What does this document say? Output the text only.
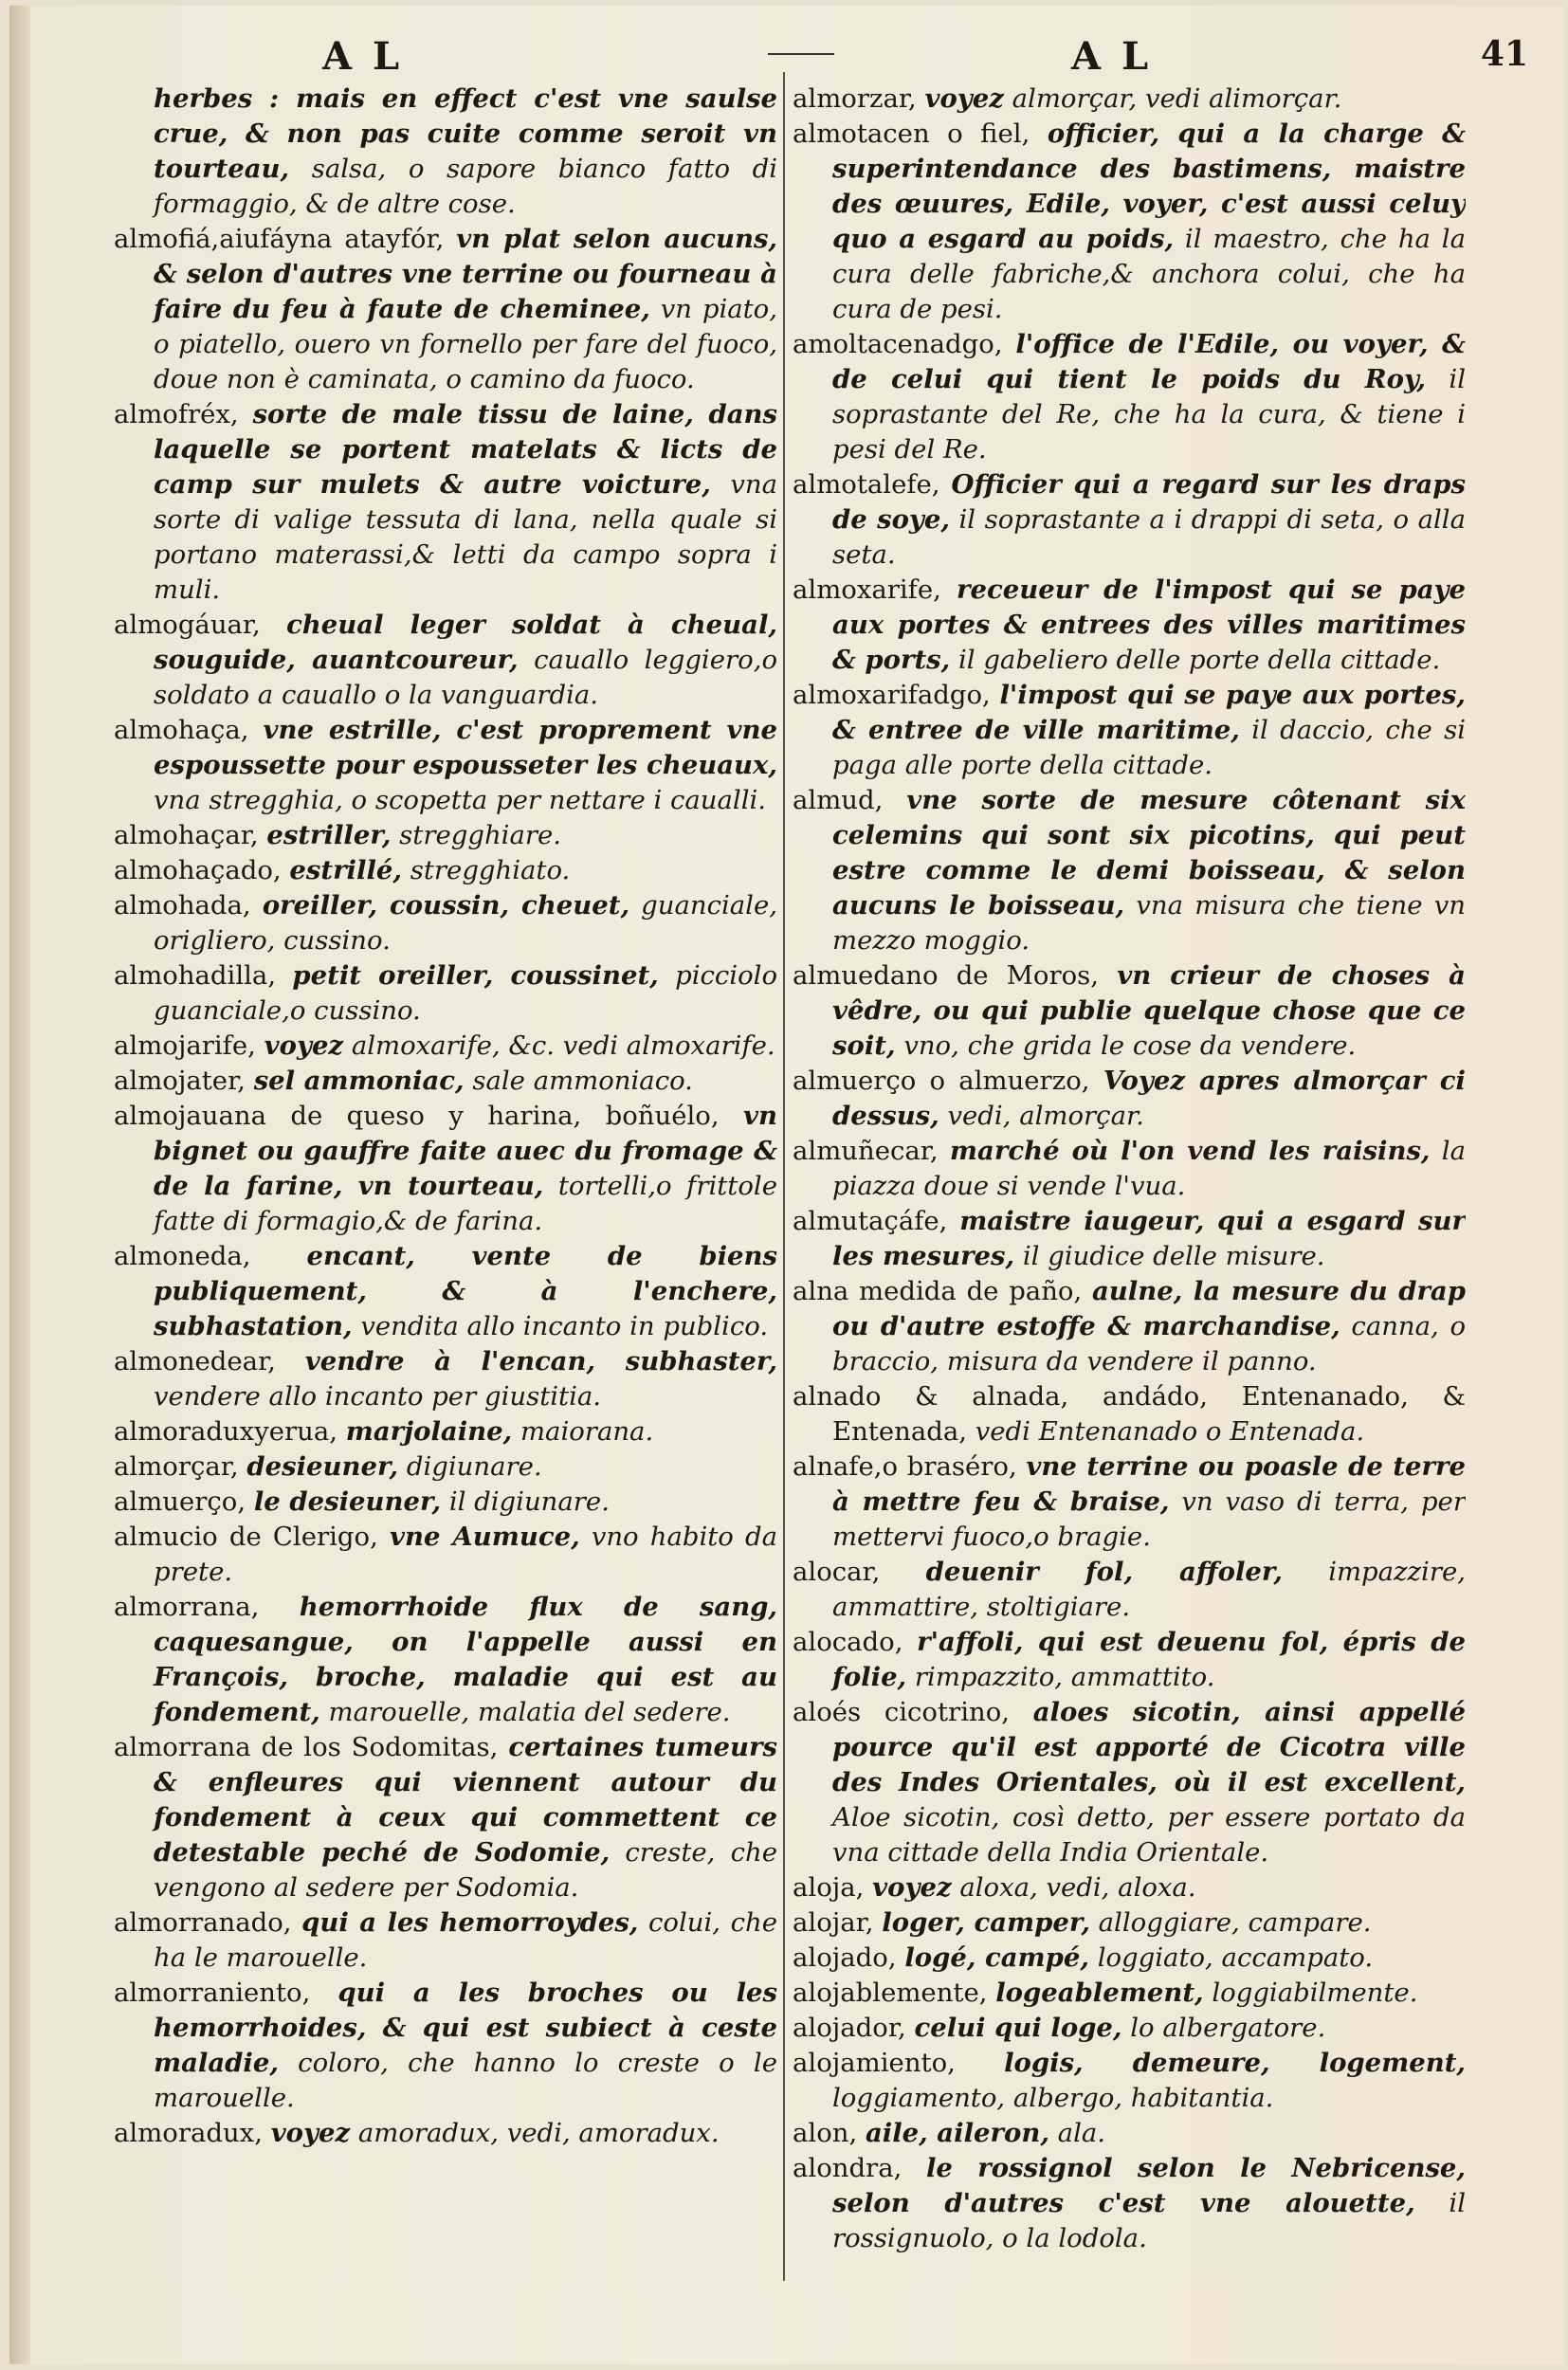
AL	AL	41

herbes : mais en effect c'est vne saulse crue, & non pas cuite comme seroit vn tourteau, salsa, o sapore bianco fatto di formaggio, & de altre cose.

almofiá,aiufáyna atayfór, vn plat selon aucuns, & selon d'autres vne terrine ou fourneau à faire du feu à faute de cheminee, vn piato, o piatello, ouero vn fornello per fare del fuoco, doue non è caminata, o camino da fuoco.

almofréx, sorte de male tissu de laine, dans laquelle se portent matelats & licts de camp sur mulets & autre voicture, vna sorte di valige tessuta di lana, nella quale si portano materassi,& letti da campo sopra i muli.

almogáuar, cheual leger soldat à cheual, souguide, auantcoureur, cauallo leggiero,o soldato a cauallo o la vanguardia.

almohaça, vne estrille, c'est proprement vne espoussette pour espousseter les cheuaux, vna stregghia, o scopetta per nettare i caualli.

almohaçar, estriller, stregghiare.

almohaçado, estrillé, stregghiato.

almohada, oreiller, coussin, cheuet, guanciale, origliero, cussino.

almohadilla, petit oreiller, coussinet, picciolo guanciale,o cussino.

almojarife, voyez almoxarife, &c. vedi almoxarife.

almojater, sel ammoniac, sale ammoniaco.

almojauana de queso y harina, boñuélo, vn bignet ou gauffre faite auec du fromage & de la farine, vn tourteau, tortelli,o frittole fatte di formagio,& de farina.

almoneda, encant, vente de biens publiquement, & à l'enchere, subhastation, vendita allo incanto in publico.

almonedear, vendre à l'encan, subhaster, vendere allo incanto per giustitia.

almoraduxyerua, marjolaine, maiorana.

almorçar, desieuner, digiunare.

almuerço, le desieuner, il digiunare.

almucio de Clerigo, vne Aumuce, vno habito da prete.

almorrana, hemorrhoide flux de sang, caquesangue, on l'appelle aussi en François, broche, maladie qui est au fondement, marouelle, malatia del sedere.

almorrana de los Sodomitas, certaines tumeurs & enfleures qui viennent autour du fondement à ceux qui commettent ce detestable peché de Sodomie, creste, che vengono al sedere per Sodomia.

almorranado, qui a les hemorroydes, colui, che ha le marouelle.

almorraniento, qui a les broches ou les hemorrhoides, & qui est subiect à ceste maladie, coloro, che hanno lo creste o le marouelle.

almoradux, voyez amoradux, vedi, amoradux.

almorzar, voyez almorçar, vedi alimorçar.

almotacen o fiel, officier, qui a la charge & superintendance des bastimens, maistre des œuures, Edile, voyer, c'est aussi celuy quo a esgard au poids, il maestro, che ha la cura delle fabriche,& anchora colui, che ha cura de pesi.

amoltacenadgo, l'office de l'Edile, ou voyer, & de celui qui tient le poids du Roy, il soprastante del Re, che ha la cura, & tiene i pesi del Re.

almotalefe, Officier qui a regard sur les draps de soye, il soprastante a i drappi di seta, o alla seta.

almoxarife, receueur de l'impost qui se paye aux portes & entrees des villes maritimes & ports, il gabeliero delle porte della cittade.

almoxarifadgo, l'impost qui se paye aux portes, & entree de ville maritime, il daccio, che si paga alle porte della cittade.

almud, vne sorte de mesure côtenant six celemins qui sont six picotins, qui peut estre comme le demi boisseau, & selon aucuns le boisseau, vna misura che tiene vn mezzo moggio.

almuedano de Moros, vn crieur de choses à vêdre, ou qui publie quelque chose que ce soit, vno, che grida le cose da vendere.

almuerço o almuerzo, Voyez apres almorçar ci dessus, vedi, almorçar.

almuñecar, marché où l'on vend les raisins, la piazza doue si vende l'vua.

almutaçáfe, maistre iaugeur, qui a esgard sur les mesures, il giudice delle misure.

alna medida de paño, aulne, la mesure du drap ou d'autre estoffe & marchandise, canna, o braccio, misura da vendere il panno.

alnado & alnada, andádo, Entenanado, & Entenada, vedi Entenanado o Entenada.

alnafe,o braséro, vne terrine ou poasle de terre à mettre feu & braise, vn vaso di terra, per mettervi fuoco,o bragie.

alocar, deuenir fol, affoler, impazzire, ammattire, stoltigiare.

alocado, r'affoli, qui est deuenu fol, épris de folie, rimpazzito, ammattito.

aloés cicotrino, aloes sicotin, ainsi appellé pource qu'il est apporté de Cicotra ville des Indes Orientales, où il est excellent, Aloe sicotin, così detto, per essere portato da vna cittade della India Orientale.

aloja, voyez aloxa, vedi, aloxa.

alojar, loger, camper, alloggiare, campare.

alojado, logé, campé, loggiato, accampato.

alojablemente, logeablement, loggiabilmente.

alojador, celui qui loge, lo albergatore.

alojamiento, logis, demeure, logement, loggiamento, albergo, habitantia.

alon, aile, aileron, ala.

alondra, le rossignol selon le Nebricense, selon d'autres c'est vne alouette, il rossignuolo, o la lodola.
